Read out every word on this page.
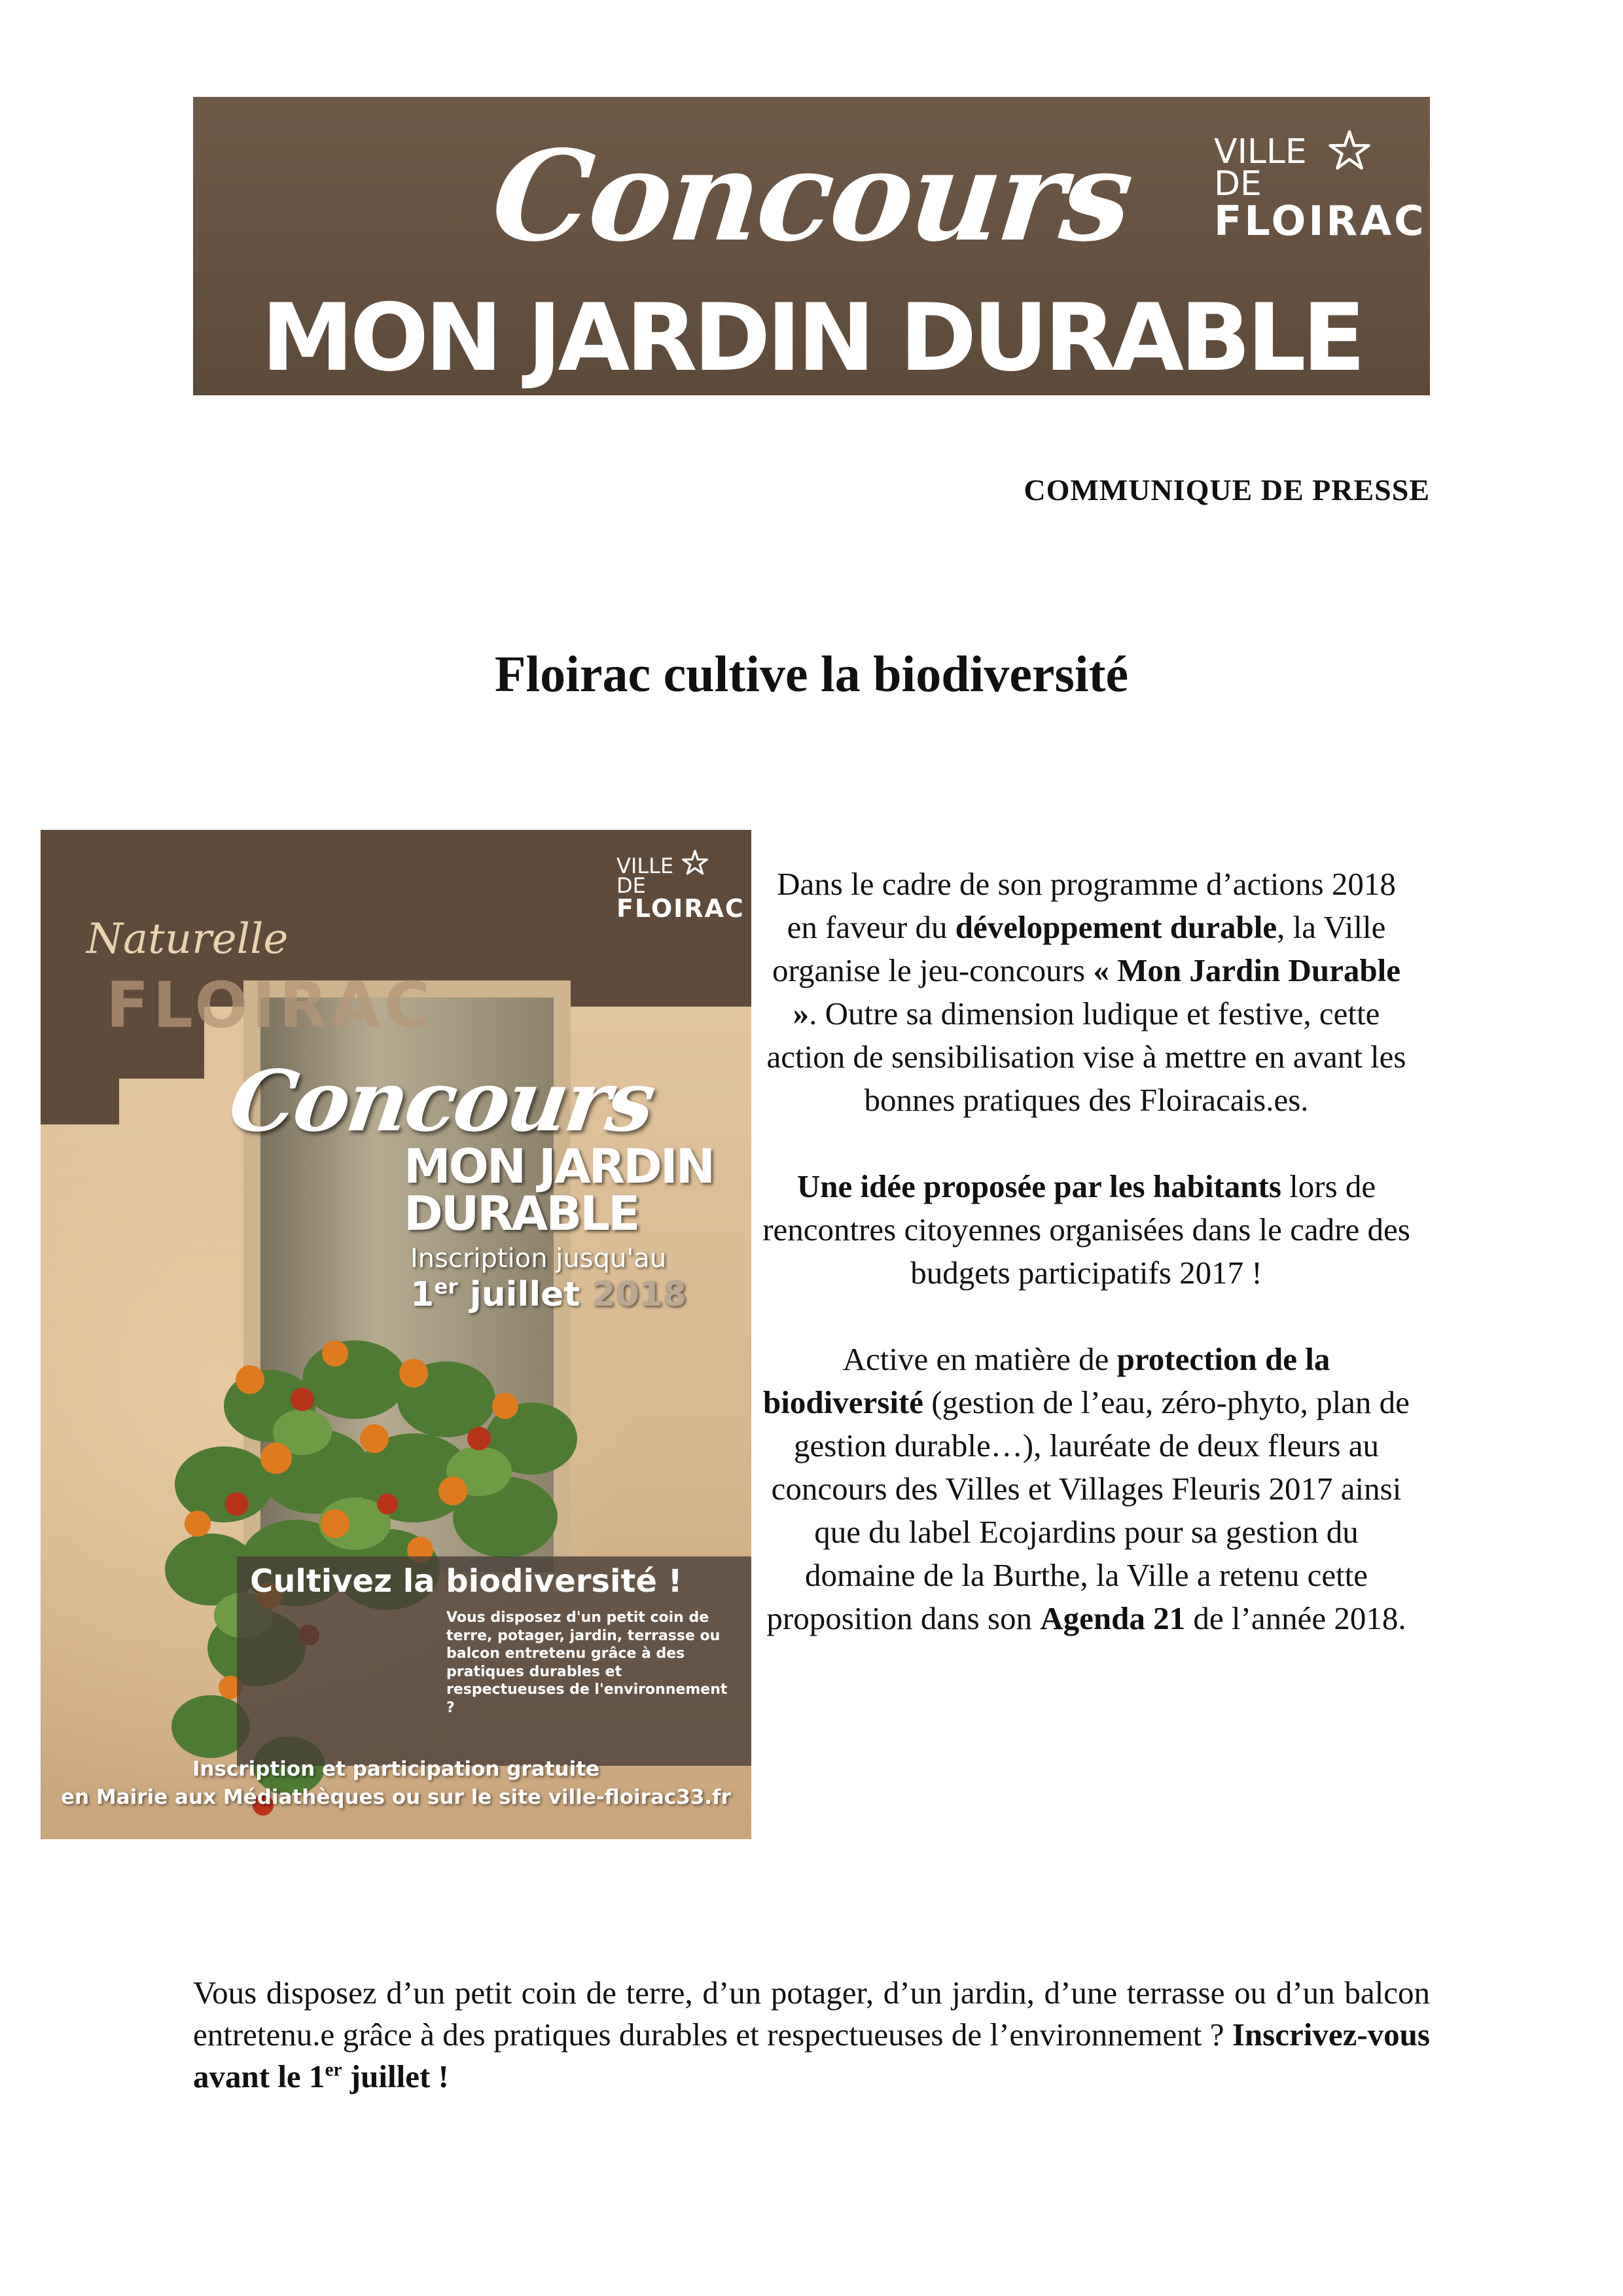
Concours
MON JARDIN DURABLE
VILLE
DE
FLOIRAC
COMMUNIQUE DE PRESSE
Floirac cultive la biodiversité
Naturelle
FLOIRAC
VILLE
DE
FLOIRAC
Concours
MON JARDIN
DURABLE
Inscription jusqu'au
1er juillet 2018
Cultivez la biodiversité !
Vous disposez d'un petit coin de terre, potager, jardin, terrasse ou balcon entretenu grâce à des pratiques durables et respectueuses de l'environnement ?
Inscription et participation gratuite
en Mairie aux Médiathèques ou sur le site ville-floirac33.fr

Dans le cadre de son programme d’actions 2018 en faveur du développement durable, la Ville organise le jeu-concours « Mon Jardin Durable ». Outre sa dimension ludique et festive, cette action de sensibilisation vise à mettre en avant les bonnes pratiques des Floiracais.es.

Une idée proposée par les habitants lors de rencontres citoyennes organisées dans le cadre des budgets participatifs 2017 !

Active en matière de protection de la biodiversité (gestion de l’eau, zéro-phyto, plan de gestion durable…), lauréate de deux fleurs au concours des Villes et Villages Fleuris 2017 ainsi que du label Ecojardins pour sa gestion du domaine de la Burthe, la Ville a retenu cette proposition dans son Agenda 21 de l’année 2018.

Vous disposez d’un petit coin de terre, d’un potager, d’un jardin, d’une terrasse ou d’un balcon entretenu.e grâce à des pratiques durables et respectueuses de l’environnement ? Inscrivez-vous avant le 1er juillet !
